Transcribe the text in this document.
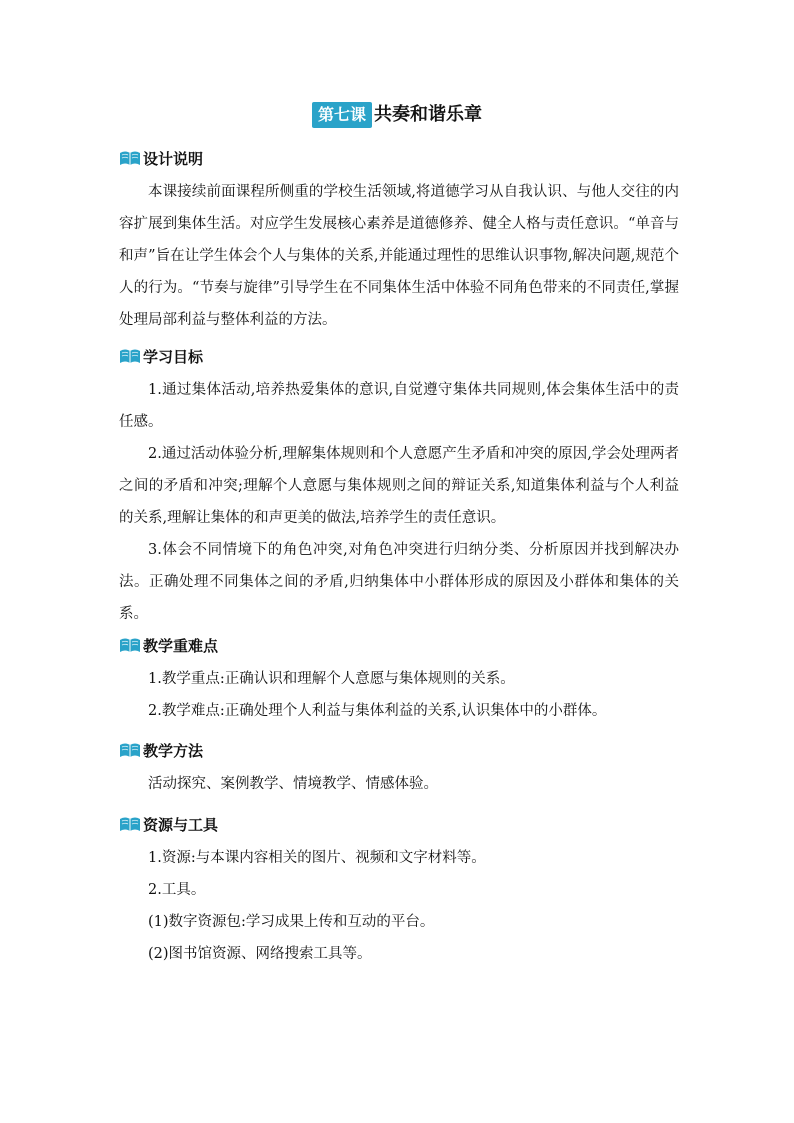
第七课 共奏和谐乐章
设计说明

本课接续前面课程所侧重的学校生活领域,将道德学习从自我认识、与他人交往的内容扩展到集体生活。对应学生发展核心素养是道德修养、健全人格与责任意识。“单音与和声”旨在让学生体会个人与集体的关系,并能通过理性的思维认识事物,解决问题,规范个人的行为。“节奏与旋律”引导学生在不同集体生活中体验不同角色带来的不同责任,掌握处理局部利益与整体利益的方法。

学习目标

1.通过集体活动,培养热爱集体的意识,自觉遵守集体共同规则,体会集体生活中的责任感。

2.通过活动体验分析,理解集体规则和个人意愿产生矛盾和冲突的原因,学会处理两者之间的矛盾和冲突;理解个人意愿与集体规则之间的辩证关系,知道集体利益与个人利益的关系,理解让集体的和声更美的做法,培养学生的责任意识。

3.体会不同情境下的角色冲突,对角色冲突进行归纳分类、分析原因并找到解决办法。正确处理不同集体之间的矛盾,归纳集体中小群体形成的原因及小群体和集体的关系。

教学重难点

1.教学重点:正确认识和理解个人意愿与集体规则的关系。

2.教学难点:正确处理个人利益与集体利益的关系,认识集体中的小群体。

教学方法

活动探究、案例教学、情境教学、情感体验。

资源与工具

1.资源:与本课内容相关的图片、视频和文字材料等。

2.工具。

(1)数字资源包:学习成果上传和互动的平台。

(2)图书馆资源、网络搜索工具等。
